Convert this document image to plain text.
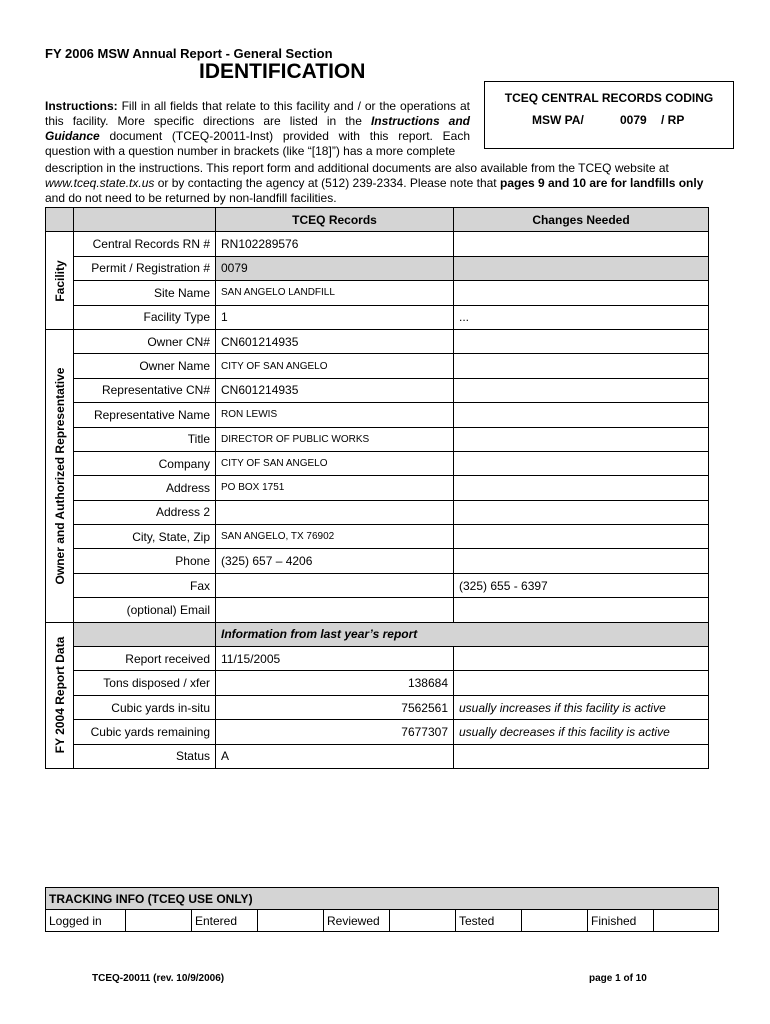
FY 2006 MSW Annual Report - General Section
IDENTIFICATION
TCEQ CENTRAL RECORDS CODING
MSW PA/	0079 / RP
Instructions: Fill in all fields that relate to this facility and / or the operations at this facility. More specific directions are listed in the Instructions and Guidance document (TCEQ-20011-Inst) provided with this report. Each question with a question number in brackets (like “[18]”) has a more complete
description in the instructions. This report form and additional documents are also available from the TCEQ website at www.tceq.state.tx.us or by contacting the agency at (512) 239-2334. Please note that pages 9 and 10 are for landfills only and do not need to be returned by non-landfill facilities.
		TCEQ Records	Changes Needed

Facility	Central Records RN #	RN102289576	
	Permit / Registration #	0079	
	Site Name	SAN ANGELO LANDFILL	
	Facility Type	1	...

Owner and Authorized Representative	Owner CN#	CN601214935	
	Owner Name	CITY OF SAN ANGELO	
	Representative CN#	CN601214935	
	Representative Name	RON LEWIS	
	Title	DIRECTOR OF PUBLIC WORKS	
	Company	CITY OF SAN ANGELO	
	Address	PO BOX 1751	
	Address 2		
	City, State, Zip	SAN ANGELO, TX 76902	
	Phone	(325) 657 – 4206	
	Fax		(325) 655 - 6397
	(optional) Email		

FY 2004 Report Data		Information from last year’s report	
	Report received	11/15/2005	
	Tons disposed / xfer	138684	
	Cubic yards in-situ	7562561	usually increases if this facility is active
	Cubic yards remaining	7677307	usually decreases if this facility is active
	Status	A	
TRACKING INFO (TCEQ USE ONLY)
Logged in		Entered		Reviewed		Tested		Finished	
TCEQ-20011 (rev. 10/9/2006)	page 1 of 10
